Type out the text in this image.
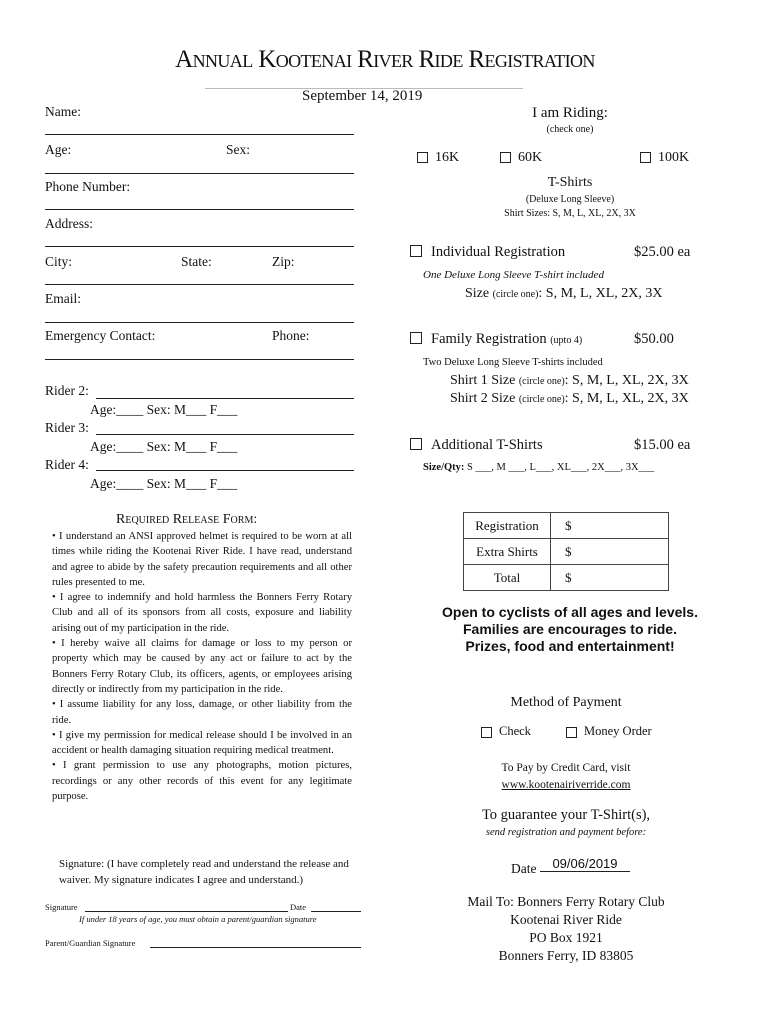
Annual Kootenai River Ride Registration
September 14, 2019
Name:
Age:	Sex:
Phone Number:
Address:
City:	State:	Zip:
Email:
Emergency Contact:	Phone:
Rider 2:
Age:____ Sex: M___ F___
Rider 3:
Age:____ Sex: M___ F___
Rider 4:
Age:____ Sex: M___ F___
I am Riding:
(check one)
16K	60K	100K
T-Shirts
(Deluxe Long Sleeve)
Shirt Sizes: S, M, L, XL, 2X, 3X
Individual Registration	$25.00 ea
One Deluxe Long Sleeve T-shirt included
Size (circle one): S, M, L, XL, 2X, 3X
Family Registration (upto 4)	$50.00
Two Deluxe Long Sleeve T-shirts included
Shirt 1 Size (circle one): S, M, L, XL, 2X, 3X
Shirt 2 Size (circle one): S, M, L, XL, 2X, 3X
Additional T-Shirts	$15.00 ea
Size/Qty: S ___, M ___, L___, XL___, 2X___, 3X___
Required Release Form:

• I understand an ANSI approved helmet is required to be worn at all times while riding the Kootenai River Ride. I have read, understand and agree to abide by the safety precaution requirements and all other rules presented to me.

• I agree to indemnify and hold harmless the Bonners Ferry Rotary Club and all of its sponsors from all costs, exposure and liability arising out of my participation in the ride.

• I hereby waive all claims for damage or loss to my person or property which may be caused by any act or failure to act by the Bonners Ferry Rotary Club, its officers, agents, or employees arising directly or indirectly from my participation in the ride.

• I assume liability for any loss, damage, or other liability from the ride.

• I give my permission for medical release should I be involved in an accident or health damaging situation requiring medical treatment.

• I grant permission to use any photographs, motion pictures, recordings or any other records of this event for any legitimate purpose.

Signature: (I have completely read and understand the release and waiver. My signature indicates I agree and understand.)
Signature	Date
If under 18 years of age, you must obtain a parent/guardian signature
Parent/Guardian Signature
Registration	$
Extra Shirts	$
Total	$
Open to cyclists of all ages and levels.
Families are encourages to ride.
Prizes, food and entertainment!
Method of Payment
Check	Money Order
To Pay by Credit Card, visit
www.kootenairiverride.com
To guarantee your T-Shirt(s),
send registration and payment before:
Date	09/06/2019
Mail To: Bonners Ferry Rotary Club
Kootenai River Ride
PO Box 1921
Bonners Ferry, ID 83805
